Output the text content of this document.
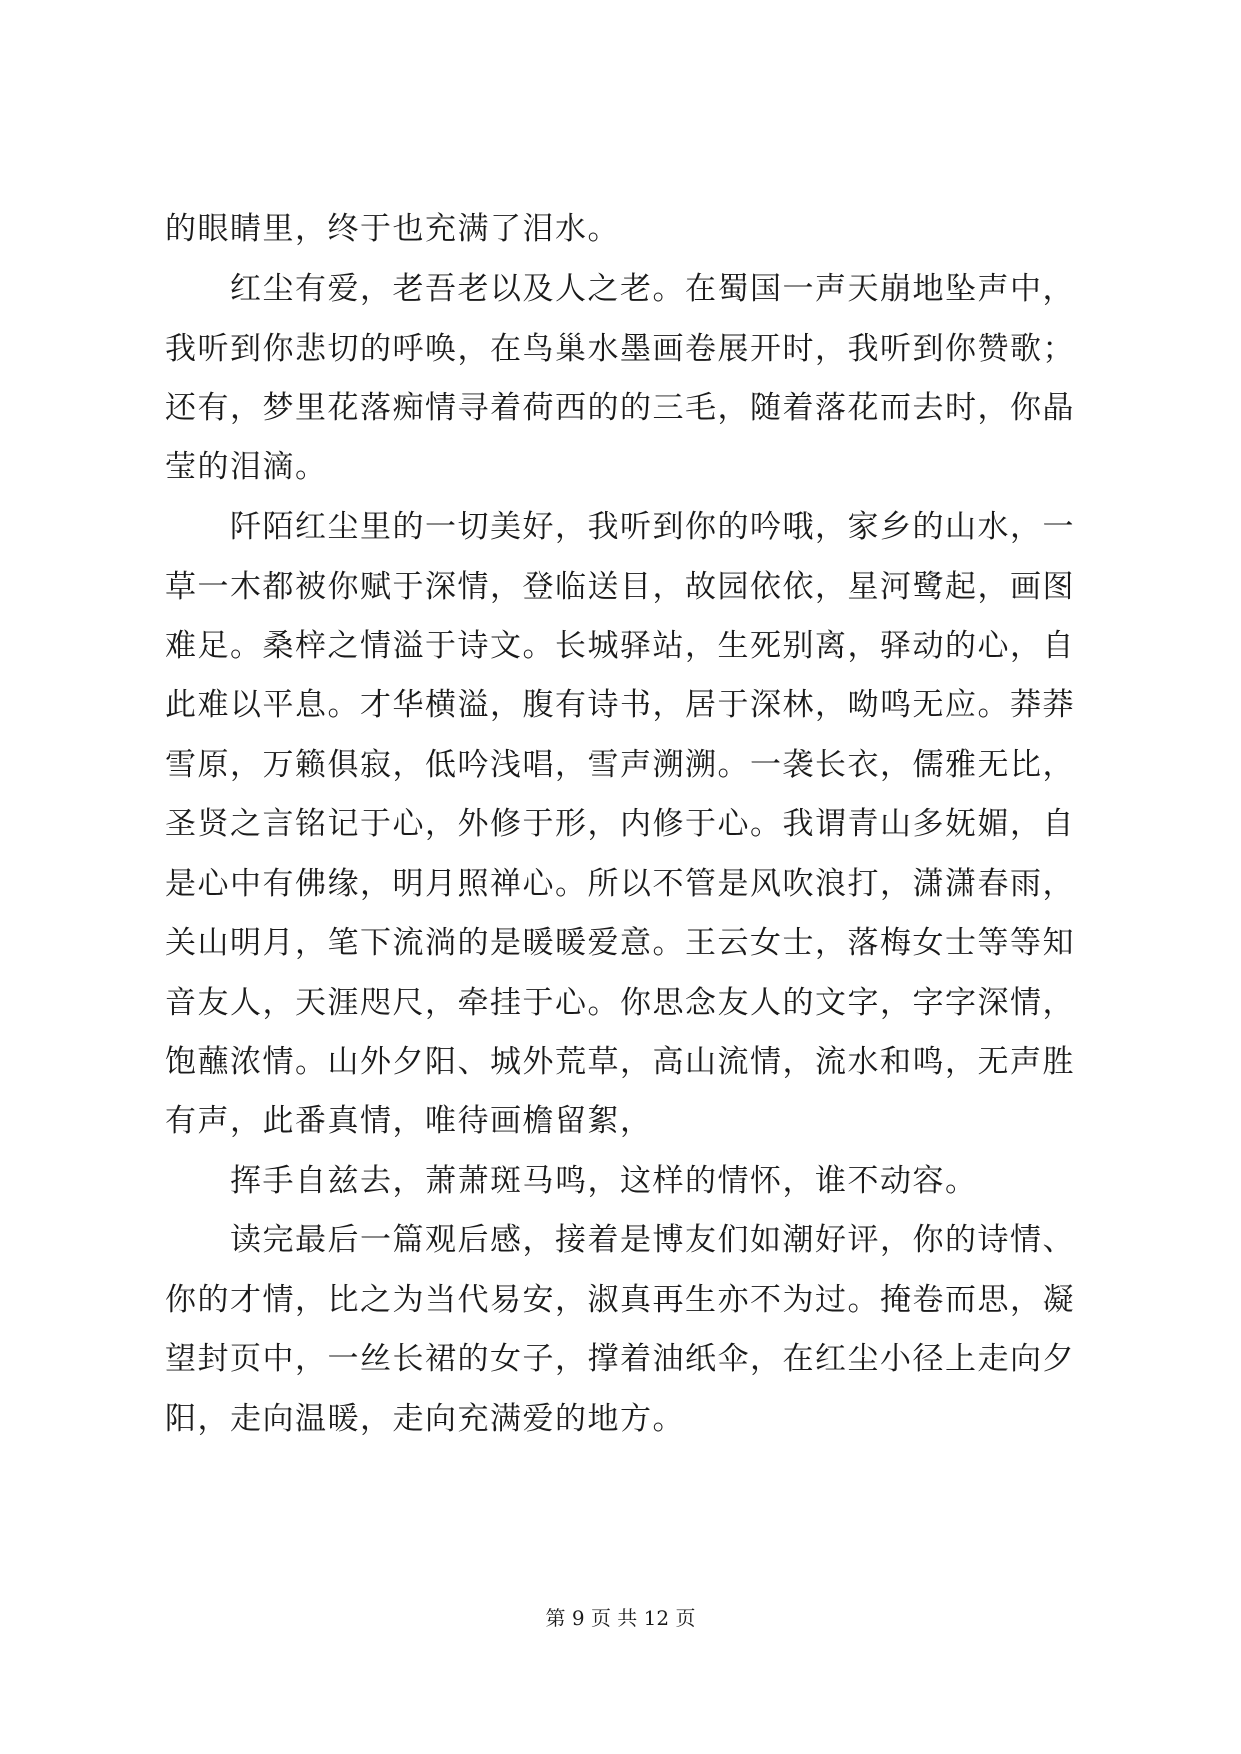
的眼睛里，终于也充满了泪水。
　　红尘有爱，老吾老以及人之老。在蜀国一声天崩地坠声中，
我听到你悲切的呼唤，在鸟巢水墨画卷展开时，我听到你赞歌；
还有，梦里花落痴情寻着荷西的的三毛，随着落花而去时，你晶
莹的泪滴。
　　阡陌红尘里的一切美好，我听到你的吟哦，家乡的山水，一
草一木都被你赋于深情，登临送目，故园依依，星河鹭起，画图
难足。桑梓之情溢于诗文。长城驿站，生死别离，驿动的心，自
此难以平息。才华横溢，腹有诗书，居于深林，呦鸣无应。莽莽
雪原，万籁俱寂，低吟浅唱，雪声溯溯。一袭长衣，儒雅无比，
圣贤之言铭记于心，外修于形，内修于心。我谓青山多妩媚，自
是心中有佛缘，明月照禅心。所以不管是风吹浪打，潇潇春雨，
关山明月，笔下流淌的是暖暖爱意。王云女士，落梅女士等等知
音友人，天涯咫尺，牵挂于心。你思念友人的文字，字字深情，
饱蘸浓情。山外夕阳、城外荒草，高山流情，流水和鸣，无声胜
有声，此番真情，唯待画檐留絮，
　　挥手自兹去，萧萧斑马鸣，这样的情怀，谁不动容。
　　读完最后一篇观后感，接着是博友们如潮好评，你的诗情、
你的才情，比之为当代易安，淑真再生亦不为过。掩卷而思，凝
望封页中，一丝长裙的女子，撑着油纸伞，在红尘小径上走向夕
阳，走向温暖，走向充满爱的地方。
第 9 页 共 12 页
